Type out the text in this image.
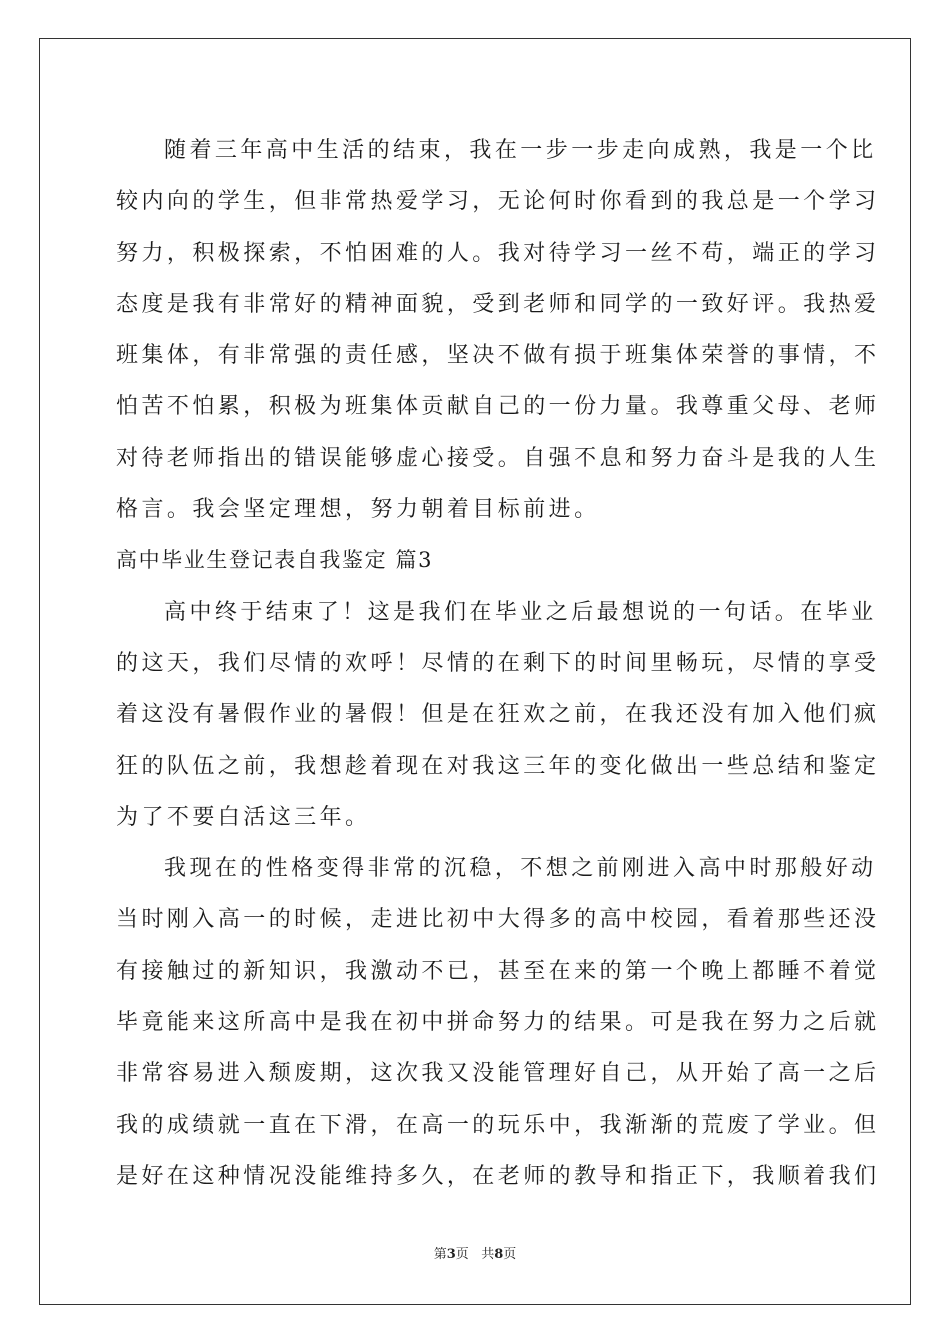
随着三年高中生活的结束，我在一步一步走向成熟，我是一个比
较内向的学生，但非常热爱学习，无论何时你看到的我总是一个学习
努力，积极探索，不怕困难的人。我对待学习一丝不苟，端正的学习
态度是我有非常好的精神面貌，受到老师和同学的一致好评。我热爱
班集体，有非常强的责任感，坚决不做有损于班集体荣誉的事情，不
怕苦不怕累，积极为班集体贡献自己的一份力量。我尊重父母、老师
对待老师指出的错误能够虚心接受。自强不息和努力奋斗是我的人生
格言。我会坚定理想，努力朝着目标前进。
高中毕业生登记表自我鉴定 篇3
高中终于结束了！这是我们在毕业之后最想说的一句话。在毕业
的这天，我们尽情的欢呼！尽情的在剩下的时间里畅玩，尽情的享受
着这没有暑假作业的暑假！但是在狂欢之前，在我还没有加入他们疯
狂的队伍之前，我想趁着现在对我这三年的变化做出一些总结和鉴定
为了不要白活这三年。
我现在的性格变得非常的沉稳，不想之前刚进入高中时那般好动
当时刚入高一的时候，走进比初中大得多的高中校园，看着那些还没
有接触过的新知识，我激动不已，甚至在来的第一个晚上都睡不着觉
毕竟能来这所高中是我在初中拼命努力的结果。可是我在努力之后就
非常容易进入颓废期，这次我又没能管理好自己，从开始了高一之后
我的成绩就一直在下滑，在高一的玩乐中，我渐渐的荒废了学业。但
是好在这种情况没能维持多久，在老师的教导和指正下，我顺着我们
第3页   共8页
